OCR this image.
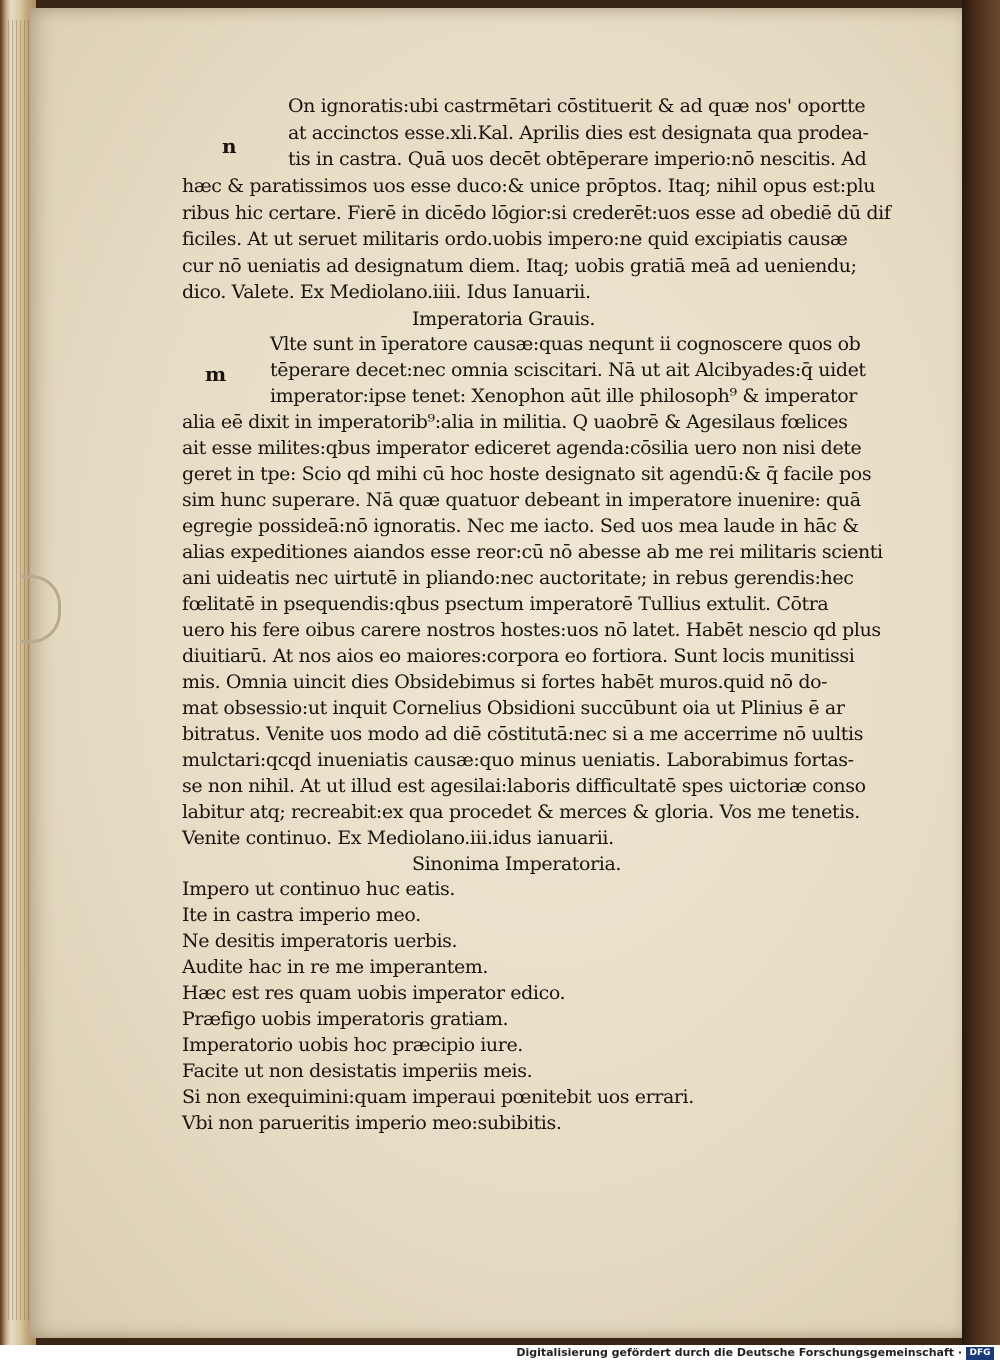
n
m
On ignoratis:ubi castrmētari cōstituerit & ad quæ nos' oportte
at accinctos esse.xli.Kal. Aprilis dies est designata qua prodea-
tis in castra. Quā uos decēt obtēperare imperio:nō nescitis. Ad
hæc & paratissimos uos esse duco:& unice prōptos. Itaq; nihil opus est:plu
ribus hic certare. Fierē in dicēdo lōgior:si crederēt:uos esse ad obediē dū dif
ficiles. At ut seruet militaris ordo.uobis impero:ne quid excipiatis causæ
cur nō ueniatis ad designatum diem. Itaq; uobis gratiā meā ad ueniendu;
dico. Valete. Ex Mediolano.iiii. Idus Ianuarii.
Imperatoria Grauis.
Vlte sunt in īperatore causæ:quas nequnt ii cognoscere quos ob
tēperare decet:nec omnia sciscitari. Nā ut ait Alcibyades:q̄ uidet
imperator:ipse tenet: Xenophon aūt ille philosoph⁹ & imperator
alia eē dixit in imperatorib⁹:alia in militia. Q uaobrē & Agesilaus fœlices
ait esse milites:qbus imperator ediceret agenda:cōsilia uero non nisi dete
geret in tpe: Scio qd mihi cū hoc hoste designato sit agendū:& q̄ facile pos
sim hunc superare. Nā quæ quatuor debeant in imperatore inuenire: quā
egregie possideā:nō ignoratis. Nec me iacto. Sed uos mea laude in hāc &
alias expeditiones aiandos esse reor:cū nō abesse ab me rei militaris scienti
ani uideatis nec uirtutē in pliando:nec auctoritate; in rebus gerendis:hec
fœlitatē in psequendis:qbus psectum imperatorē Tullius extulit. Cōtra
uero his fere oibus carere nostros hostes:uos nō latet. Habēt nescio qd plus
diuitiarū. At nos aios eo maiores:corpora eo fortiora. Sunt locis munitissi
mis. Omnia uincit dies Obsidebimus si fortes habēt muros.quid nō do-
mat obsessio:ut inquit Cornelius Obsidioni succūbunt oia ut Plinius ē ar
bitratus. Venite uos modo ad diē cōstitutā:nec si a me accerrime nō uultis
mulctari:qcqd inueniatis causæ:quo minus ueniatis. Laborabimus fortas-
se non nihil. At ut illud est agesilai:laboris difficultatē spes uictoriæ conso
labitur atq; recreabit:ex qua procedet & merces & gloria. Vos me tenetis.
Venite continuo. Ex Mediolano.iii.idus ianuarii.
Sinonima Imperatoria.
Impero ut continuo huc eatis.
Ite in castra imperio meo.
Ne desitis imperatoris uerbis.
Audite hac in re me imperantem.
Hæc est res quam uobis imperator edico.
Præfigo uobis imperatoris gratiam.
Imperatorio uobis hoc præcipio iure.
Facite ut non desistatis imperiis meis.
Si non exequimini:quam imperaui pœnitebit uos errari.
Vbi non parueritis imperio meo:subibitis.
Digitalisierung gefördert durch die Deutsche Forschungsgemeinschaft · DFG
